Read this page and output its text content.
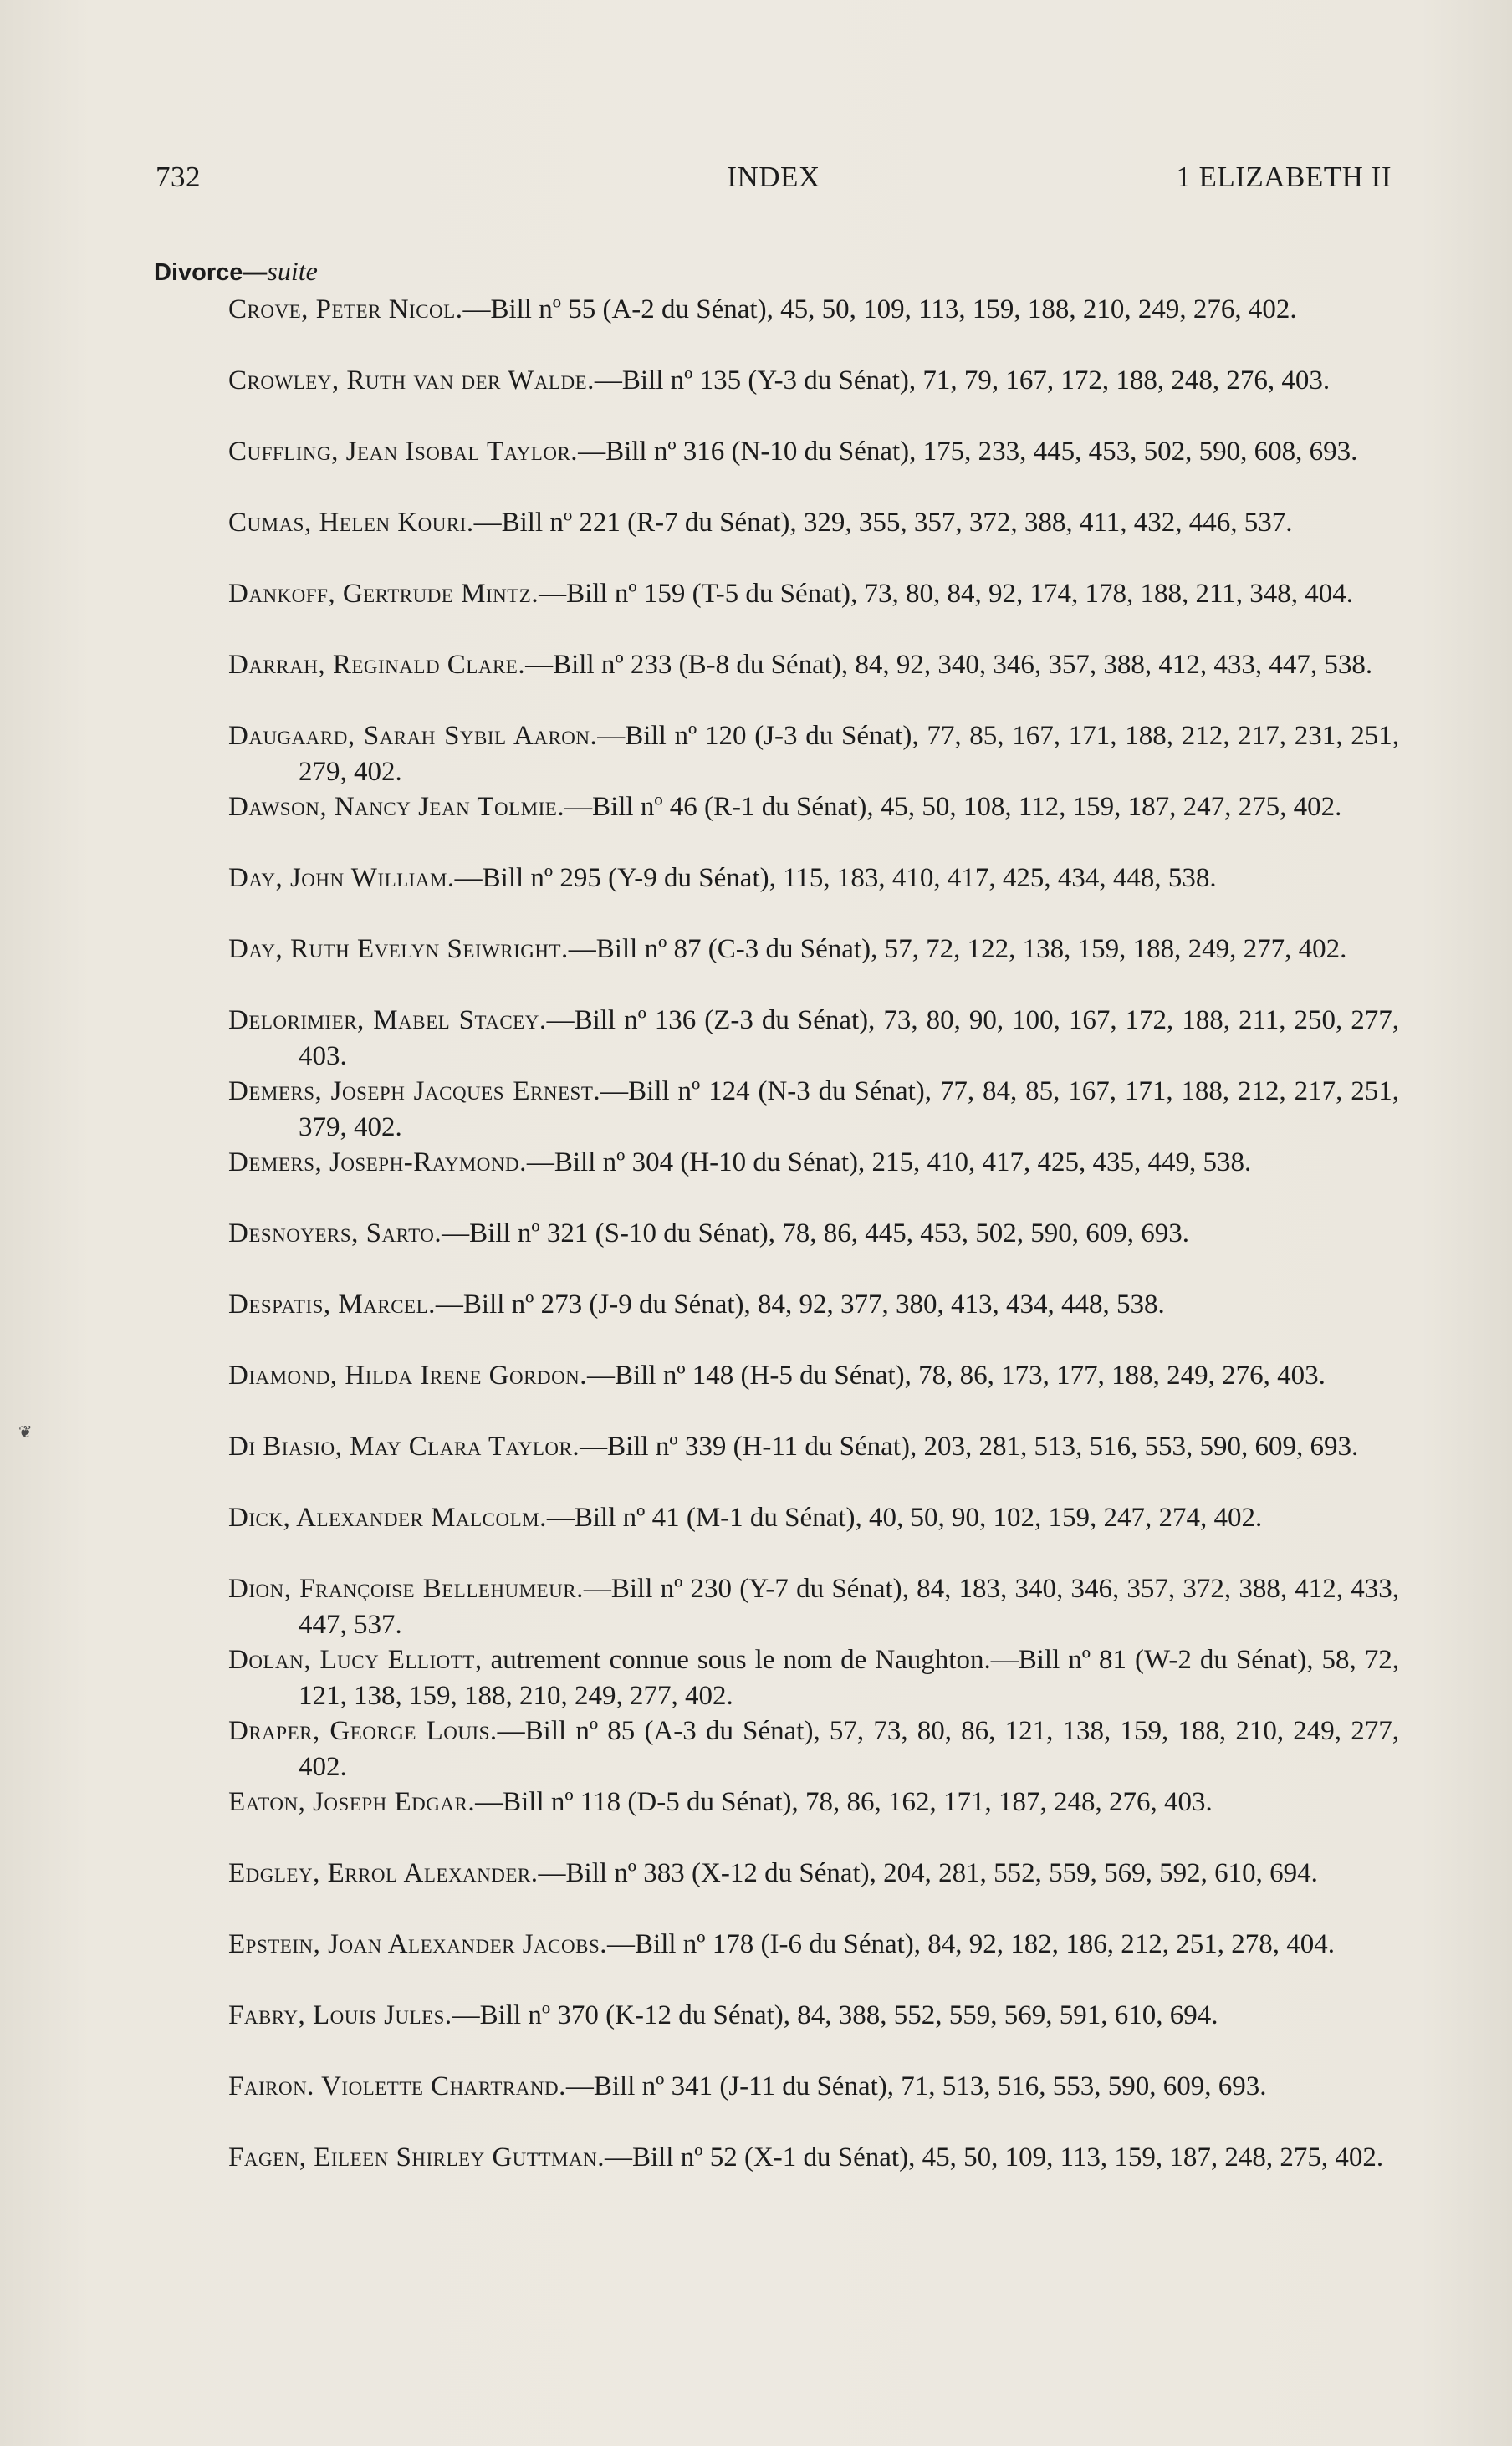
732	INDEX	1 ELIZABETH II
Divorce—suite
Crove, Peter Nicol.—Bill nº 55 (A-2 du Sénat), 45, 50, 109, 113, 159, 188, 210, 249, 276, 402.
Crowley, Ruth van der Walde.—Bill nº 135 (Y-3 du Sénat), 71, 79, 167, 172, 188, 248, 276, 403.
Cuffling, Jean Isobal Taylor.—Bill nº 316 (N-10 du Sénat), 175, 233, 445, 453, 502, 590, 608, 693.
Cumas, Helen Kouri.—Bill nº 221 (R-7 du Sénat), 329, 355, 357, 372, 388, 411, 432, 446, 537.
Dankoff, Gertrude Mintz.—Bill nº 159 (T-5 du Sénat), 73, 80, 84, 92, 174, 178, 188, 211, 348, 404.
Darrah, Reginald Clare.—Bill nº 233 (B-8 du Sénat), 84, 92, 340, 346, 357, 388, 412, 433, 447, 538.
Daugaard, Sarah Sybil Aaron.—Bill nº 120 (J-3 du Sénat), 77, 85, 167, 171, 188, 212, 217, 231, 251, 279, 402.
Dawson, Nancy Jean Tolmie.—Bill nº 46 (R-1 du Sénat), 45, 50, 108, 112, 159, 187, 247, 275, 402.
Day, John William.—Bill nº 295 (Y-9 du Sénat), 115, 183, 410, 417, 425, 434, 448, 538.
Day, Ruth Evelyn Seiwright.—Bill nº 87 (C-3 du Sénat), 57, 72, 122, 138, 159, 188, 249, 277, 402.
Delorimier, Mabel Stacey.—Bill nº 136 (Z-3 du Sénat), 73, 80, 90, 100, 167, 172, 188, 211, 250, 277, 403.
Demers, Joseph Jacques Ernest.—Bill nº 124 (N-3 du Sénat), 77, 84, 85, 167, 171, 188, 212, 217, 251, 379, 402.
Demers, Joseph-Raymond.—Bill nº 304 (H-10 du Sénat), 215, 410, 417, 425, 435, 449, 538.
Desnoyers, Sarto.—Bill nº 321 (S-10 du Sénat), 78, 86, 445, 453, 502, 590, 609, 693.
Despatis, Marcel.—Bill nº 273 (J-9 du Sénat), 84, 92, 377, 380, 413, 434, 448, 538.
Diamond, Hilda Irene Gordon.—Bill nº 148 (H-5 du Sénat), 78, 86, 173, 177, 188, 249, 276, 403.
Di Biasio, May Clara Taylor.—Bill nº 339 (H-11 du Sénat), 203, 281, 513, 516, 553, 590, 609, 693.
Dick, Alexander Malcolm.—Bill nº 41 (M-1 du Sénat), 40, 50, 90, 102, 159, 247, 274, 402.
Dion, Françoise Bellehumeur.—Bill nº 230 (Y-7 du Sénat), 84, 183, 340, 346, 357, 372, 388, 412, 433, 447, 537.
Dolan, Lucy Elliott, autrement connue sous le nom de Naughton.—Bill nº 81 (W-2 du Sénat), 58, 72, 121, 138, 159, 188, 210, 249, 277, 402.
Draper, George Louis.—Bill nº 85 (A-3 du Sénat), 57, 73, 80, 86, 121, 138, 159, 188, 210, 249, 277, 402.
Eaton, Joseph Edgar.—Bill nº 118 (D-5 du Sénat), 78, 86, 162, 171, 187, 248, 276, 403.
Edgley, Errol Alexander.—Bill nº 383 (X-12 du Sénat), 204, 281, 552, 559, 569, 592, 610, 694.
Epstein, Joan Alexander Jacobs.—Bill nº 178 (I-6 du Sénat), 84, 92, 182, 186, 212, 251, 278, 404.
Fabry, Louis Jules.—Bill nº 370 (K-12 du Sénat), 84, 388, 552, 559, 569, 591, 610, 694.
Fairon. Violette Chartrand.—Bill nº 341 (J-11 du Sénat), 71, 513, 516, 553, 590, 609, 693.
Fagen, Eileen Shirley Guttman.—Bill nº 52 (X-1 du Sénat), 45, 50, 109, 113, 159, 187, 248, 275, 402.
❦
